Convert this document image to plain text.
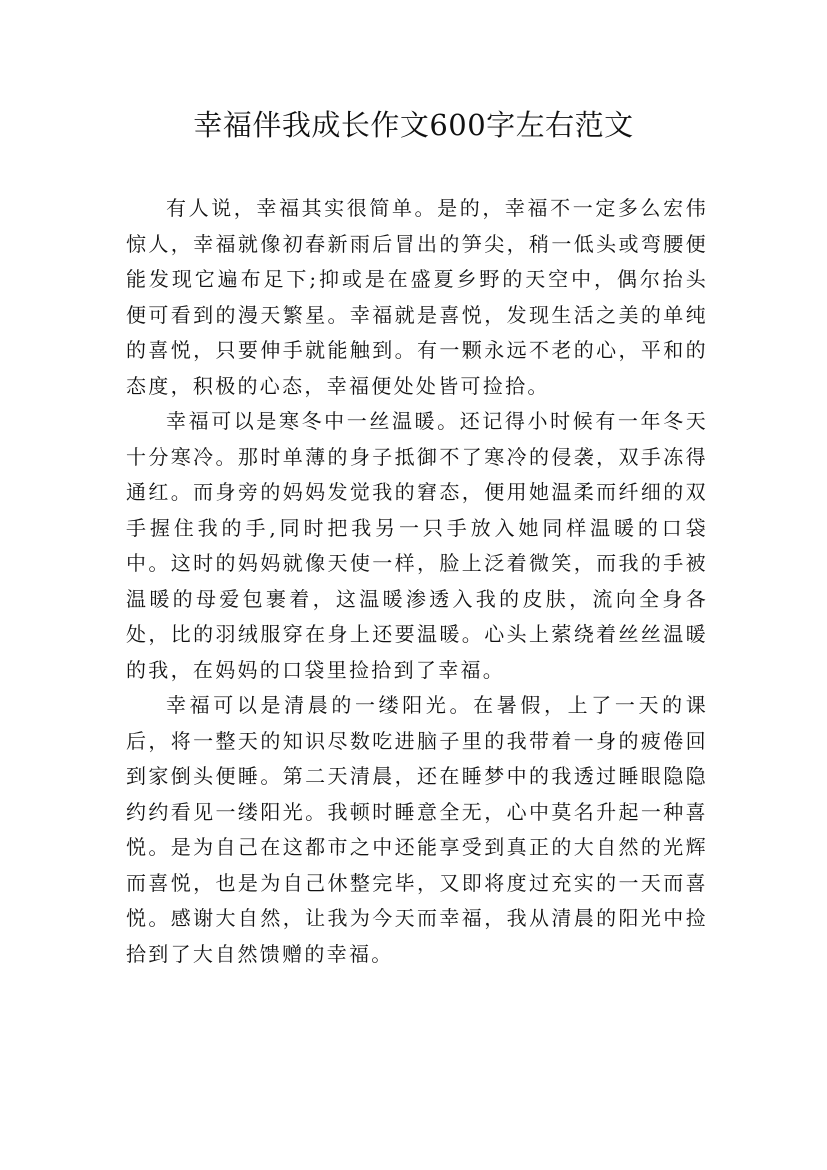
幸福伴我成长作文600字左右范文

有人说，幸福其实很简单。是的，幸福不一定多么宏伟惊人，幸福就像初春新雨后冒出的笋尖，稍一低头或弯腰便能发现它遍布足下;抑或是在盛夏乡野的天空中，偶尔抬头便可看到的漫天繁星。幸福就是喜悦，发现生活之美的单纯的喜悦，只要伸手就能触到。有一颗永远不老的心，平和的态度，积极的心态，幸福便处处皆可捡拾。

幸福可以是寒冬中一丝温暖。还记得小时候有一年冬天十分寒冷。那时单薄的身子抵御不了寒冷的侵袭，双手冻得通红。而身旁的妈妈发觉我的窘态，便用她温柔而纤细的双手握住我的手,同时把我另一只手放入她同样温暖的口袋中。这时的妈妈就像天使一样，脸上泛着微笑，而我的手被温暖的母爱包裹着，这温暖渗透入我的皮肤，流向全身各处，比的羽绒服穿在身上还要温暖。心头上萦绕着丝丝温暖的我，在妈妈的口袋里捡拾到了幸福。

幸福可以是清晨的一缕阳光。在暑假，上了一天的课后，将一整天的知识尽数吃进脑子里的我带着一身的疲倦回到家倒头便睡。第二天清晨，还在睡梦中的我透过睡眼隐隐约约看见一缕阳光。我顿时睡意全无，心中莫名升起一种喜悦。是为自己在这都市之中还能享受到真正的大自然的光辉而喜悦，也是为自己休整完毕，又即将度过充实的一天而喜悦。感谢大自然，让我为今天而幸福，我从清晨的阳光中捡拾到了大自然馈赠的幸福。
